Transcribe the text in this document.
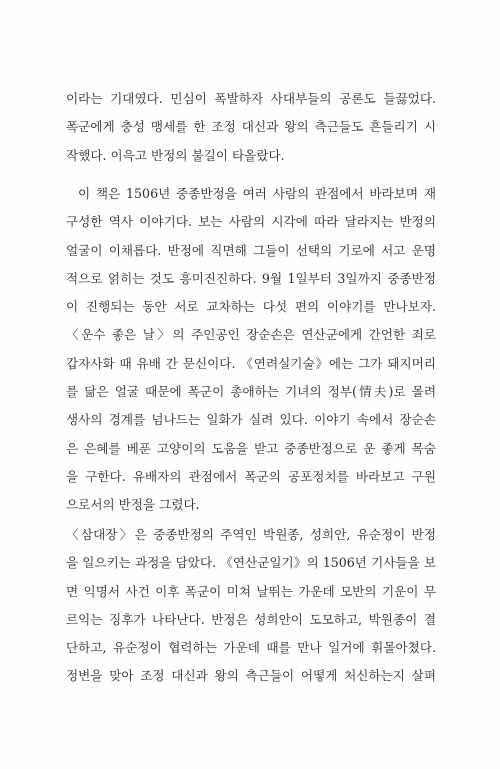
이라는 기대였다. 민심이 폭발하자 사대부들의 공론도 들끓었다.
폭군에게 충성 맹세를 한 조정 대신과 왕의 측근들도 흔들리기 시
작했다. 이윽고 반정의 불길이 타올랐다.
이 책은 1506년 중종반정을 여러 사람의 관점에서 바라보며 재
구성한 역사 이야기다. 보는 사람의 시각에 따라 달라지는 반정의
얼굴이 이채롭다. 반정에 직면해 그들이 선택의 기로에 서고 운명
적으로 얽히는 것도 흥미진진하다. 9월 1일부터 3일까지 중종반정
이 진행되는 동안 서로 교차하는 다섯 편의 이야기를 만나보자.
〈운수 좋은 날〉의 주인공인 장순손은 연산군에게 간언한 죄로
갑자사화 때 유배 간 문신이다. 《연려실기술》에는 그가 돼지머리
를 닮은 얼굴 때문에 폭군이 총애하는 기녀의 정부(情夫)로 몰려
생사의 경계를 넘나드는 일화가 실려 있다. 이야기 속에서 장순손
은 은혜를 베푼 고양이의 도움을 받고 중종반정으로 운 좋게 목숨
을 구한다. 유배자의 관점에서 폭군의 공포정치를 바라보고 구원
으로서의 반정을 그렸다.
〈삼대장〉은 중종반정의 주역인 박원종, 성희안, 유순정이 반정
을 일으키는 과정을 담았다. 《연산군일기》의 1506년 기사들을 보
면 익명서 사건 이후 폭군이 미쳐 날뛰는 가운데 모반의 기운이 무
르익는 징후가 나타난다. 반정은 성희안이 도모하고, 박원종이 결
단하고, 유순정이 협력하는 가운데 때를 만나 일거에 휘몰아쳤다.
정변을 맞아 조정 대신과 왕의 측근들이 어떻게 처신하는지 살펴
